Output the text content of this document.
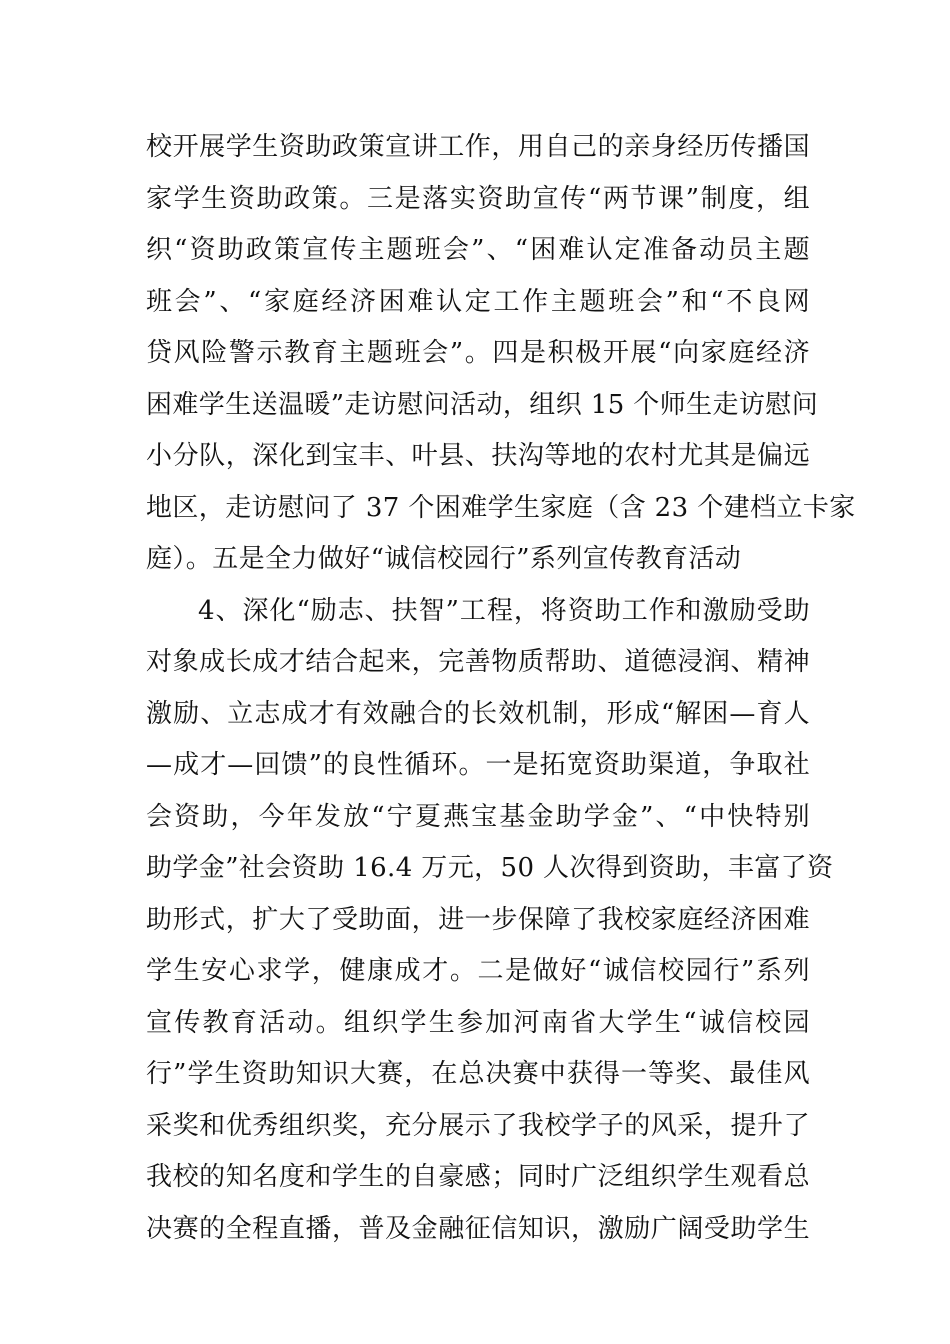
校开展学生资助政策宣讲工作，用自己的亲身经历传播国
家学生资助政策。三是落实资助宣传“两节课”制度，组
织“资助政策宣传主题班会”、“困难认定准备动员主题
班会”、“家庭经济困难认定工作主题班会”和“不良网
贷风险警示教育主题班会”。四是积极开展“向家庭经济
困难学生送温暖”走访慰问活动，组织 15 个师生走访慰问
小分队，深化到宝丰、叶县、扶沟等地的农村尤其是偏远
地区，走访慰问了 37 个困难学生家庭（含 23 个建档立卡家
庭）。五是全力做好“诚信校园行”系列宣传教育活动
4、深化“励志、扶智”工程，将资助工作和激励受助
对象成长成才结合起来，完善物质帮助、道德浸润、精神
激励、立志成才有效融合的长效机制，形成“解困—育人
—成才—回馈”的良性循环。一是拓宽资助渠道，争取社
会资助，今年发放“宁夏燕宝基金助学金”、“中快特别
助学金”社会资助 16.4 万元，50 人次得到资助，丰富了资
助形式，扩大了受助面，进一步保障了我校家庭经济困难
学生安心求学，健康成才。二是做好“诚信校园行”系列
宣传教育活动。组织学生参加河南省大学生“诚信校园
行”学生资助知识大赛，在总决赛中获得一等奖、最佳风
采奖和优秀组织奖，充分展示了我校学子的风采，提升了
我校的知名度和学生的自豪感；同时广泛组织学生观看总
决赛的全程直播，普及金融征信知识，激励广阔受助学生
